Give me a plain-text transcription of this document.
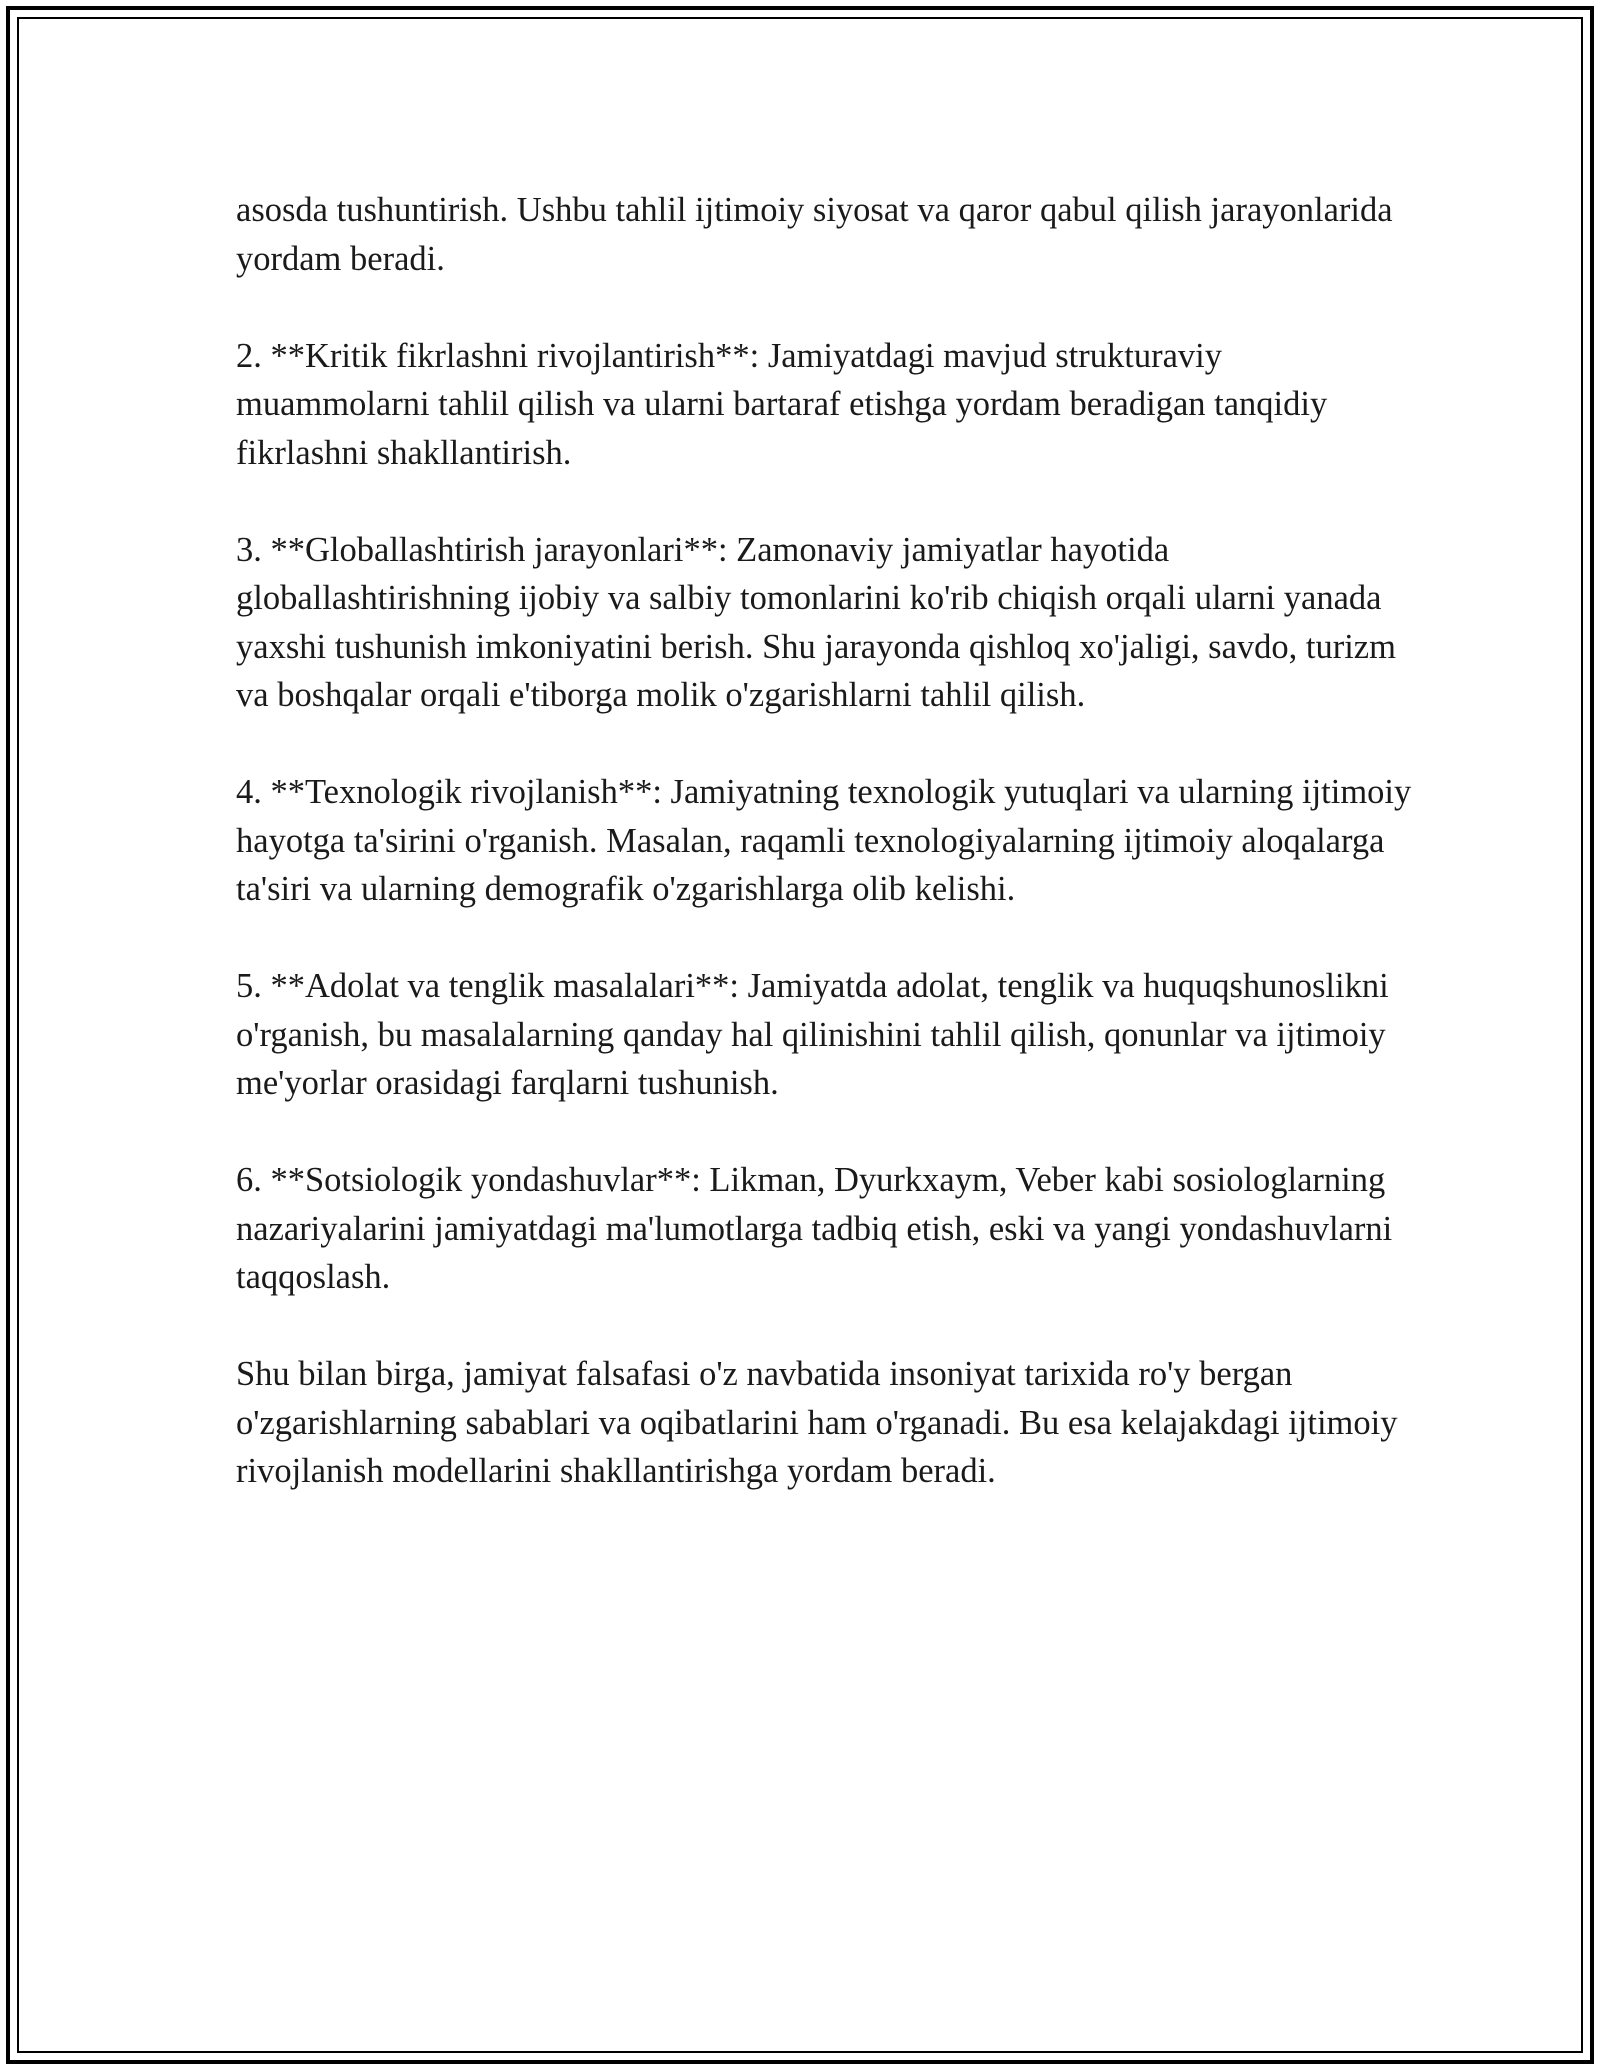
asosda tushuntirish. Ushbu tahlil ijtimoiy siyosat va qaror qabul qilish jarayonlarida yordam beradi.

2. **Kritik fikrlashni rivojlantirish**: Jamiyatdagi mavjud strukturaviy muammolarni tahlil qilish va ularni bartaraf etishga yordam beradigan tanqidiy fikrlashni shakllantirish.

3. **Globallashtirish jarayonlari**: Zamonaviy jamiyatlar hayotida globallashtirishning ijobiy va salbiy tomonlarini ko'rib chiqish orqali ularni yanada yaxshi tushunish imkoniyatini berish. Shu jarayonda qishloq xo'jaligi, savdo, turizm va boshqalar orqali e'tiborga molik o'zgarishlarni tahlil qilish.

4. **Texnologik rivojlanish**: Jamiyatning texnologik yutuqlari va ularning ijtimoiy hayotga ta'sirini o'rganish. Masalan, raqamli texnologiyalarning ijtimoiy aloqalarga ta'siri va ularning demografik o'zgarishlarga olib kelishi.

5. **Adolat va tenglik masalalari**: Jamiyatda adolat, tenglik va huquqshunoslikni o'rganish, bu masalalarning qanday hal qilinishini tahlil qilish, qonunlar va ijtimoiy me'yorlar orasidagi farqlarni tushunish.

6. **Sotsiologik yondashuvlar**: Likman, Dyurkxaym, Veber kabi sosiologlarning nazariyalarini jamiyatdagi ma'lumotlarga tadbiq etish, eski va yangi yondashuvlarni taqqoslash.

Shu bilan birga, jamiyat falsafasi o'z navbatida insoniyat tarixida ro'y bergan o'zgarishlarning sabablari va oqibatlarini ham o'rganadi. Bu esa kelajakdagi ijtimoiy rivojlanish modellarini shakllantirishga yordam beradi.
